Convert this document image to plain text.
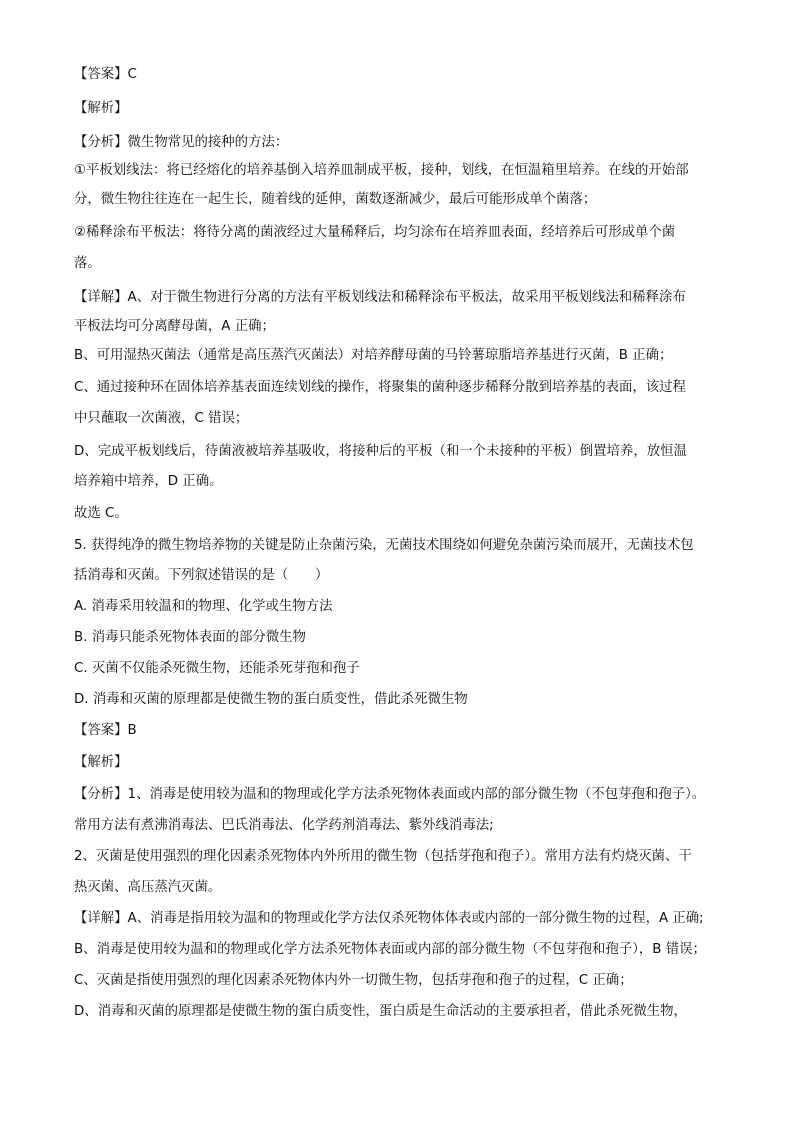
【答案】C
【解析】
【分析】微生物常见的接种的方法：
①平板划线法：将已经熔化的培养基倒入培养皿制成平板，接种，划线，在恒温箱里培养。在线的开始部
分，微生物往往连在一起生长，随着线的延伸，菌数逐渐减少，最后可能形成单个菌落；
②稀释涂布平板法：将待分离的菌液经过大量稀释后，均匀涂布在培养皿表面，经培养后可形成单个菌
落。
【详解】A、对于微生物进行分离的方法有平板划线法和稀释涂布平板法，故采用平板划线法和稀释涂布
平板法均可分离酵母菌，A 正确；
B、可用湿热灭菌法（通常是高压蒸汽灭菌法）对培养酵母菌的马铃薯琼脂培养基进行灭菌，B 正确；
C、通过接种环在固体培养基表面连续划线的操作，将聚集的菌种逐步稀释分散到培养基的表面，该过程
中只蘸取一次菌液，C 错误；
D、完成平板划线后，待菌液被培养基吸收，将接种后的平板（和一个未接种的平板）倒置培养，放恒温
培养箱中培养，D 正确。
故选 C。
5. 获得纯净的微生物培养物的关键是防止杂菌污染，无菌技术围绕如何避免杂菌污染而展开，无菌技术包
括消毒和灭菌。下列叙述错误的是（　　）
A. 消毒采用较温和的物理、化学或生物方法
B. 消毒只能杀死物体表面的部分微生物
C. 灭菌不仅能杀死微生物，还能杀死芽孢和孢子
D. 消毒和灭菌的原理都是使微生物的蛋白质变性，借此杀死微生物
【答案】B
【解析】
【分析】1、消毒是使用较为温和的物理或化学方法杀死物体表面或内部的部分微生物（不包芽孢和孢子）。
常用方法有煮沸消毒法、巴氏消毒法、化学药剂消毒法、紫外线消毒法;
2、灭菌是使用强烈的理化因素杀死物体内外所用的微生物（包括芽孢和孢子）。常用方法有灼烧灭菌、干
热灭菌、高压蒸汽灭菌。
【详解】A、消毒是指用较为温和的物理或化学方法仅杀死物体体表或内部的一部分微生物的过程，A 正确;
B、消毒是使用较为温和的物理或化学方法杀死物体表面或内部的部分微生物（不包芽孢和孢子），B 错误；
C、灭菌是指使用强烈的理化因素杀死物体内外一切微生物，包括芽孢和孢子的过程，C 正确；
D、消毒和灭菌的原理都是使微生物的蛋白质变性，蛋白质是生命活动的主要承担者，借此杀死微生物，
